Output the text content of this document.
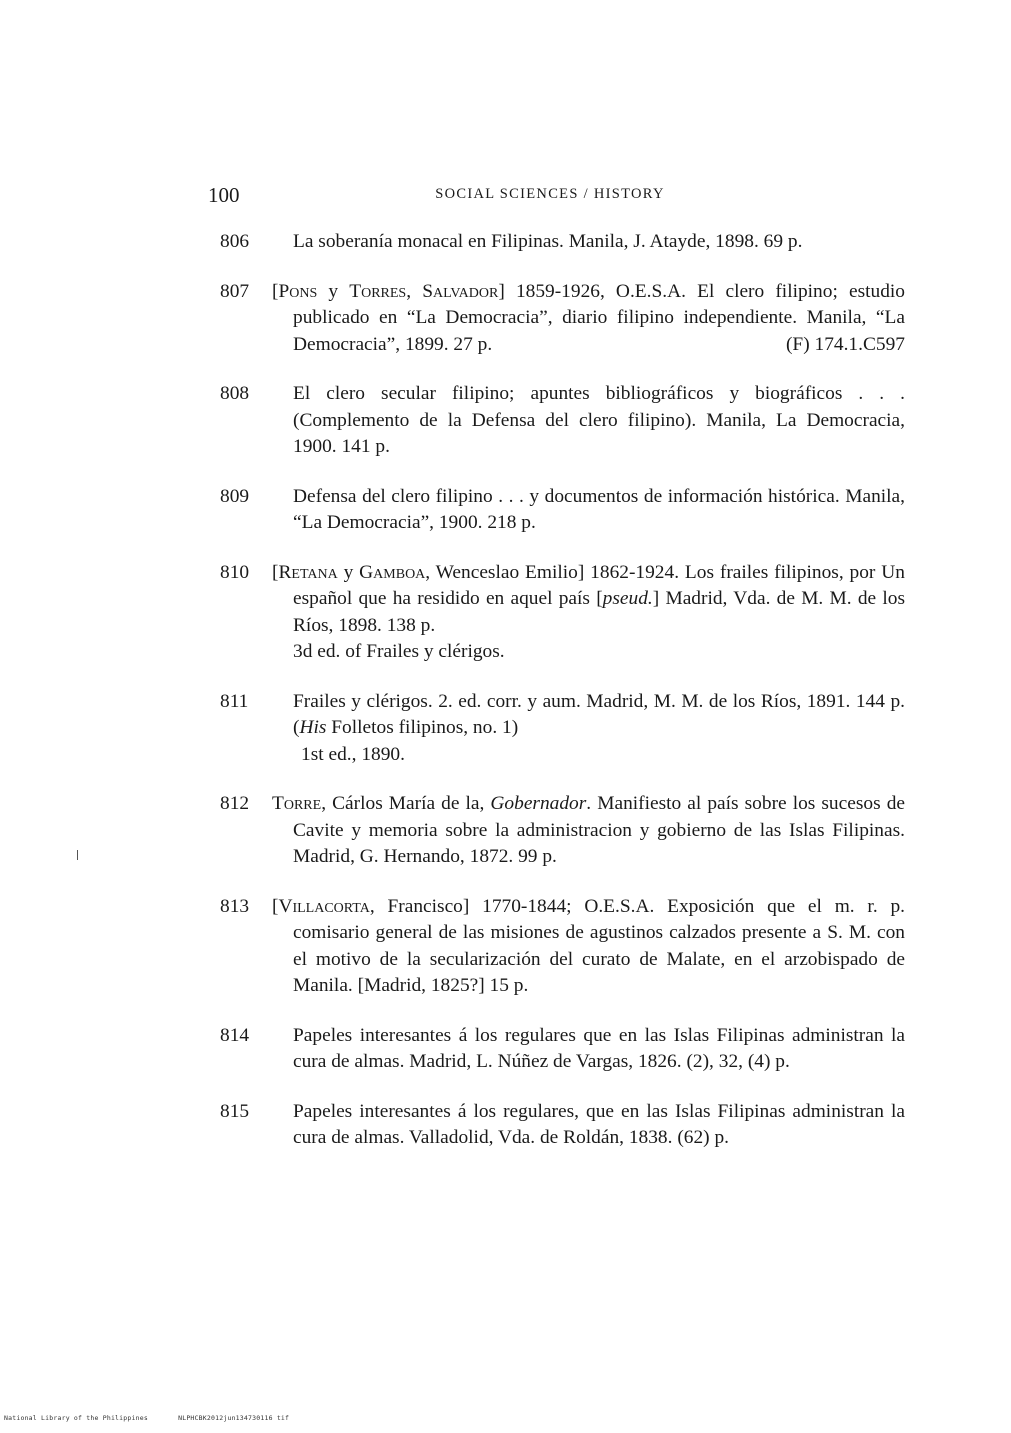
100	SOCIAL SCIENCES / HISTORY
806 La soberanía monacal en Filipinas. Manila, J. Atayde, 1898. 69 p.
807 [Pons y Torres, Salvador] 1859-1926, O.E.S.A. El clero filipino; estudio publicado en “La Democracia”, diario filipino independiente. Manila, “La Democracia”, 1899. 27 p.	(F) 174.1.C597
808 El clero secular filipino; apuntes bibliográficos y biográficos . . . (Complemento de la Defensa del clero filipino). Manila, La Democracia, 1900. 141 p.
809 Defensa del clero filipino . . . y documentos de información histórica. Manila, “La Democracia”, 1900. 218 p.
810 [Retana y Gamboa, Wenceslao Emilio] 1862-1924. Los frailes filipinos, por Un español que ha residido en aquel país [pseud.] Madrid, Vda. de M. M. de los Ríos, 1898. 138 p.
3d ed. of Frailes y clérigos.
811 Frailes y clérigos. 2. ed. corr. y aum. Madrid, M. M. de los Ríos, 1891. 144 p. (His Folletos filipinos, no. 1)
1st ed., 1890.
812 Torre, Cárlos María de la, Gobernador. Manifiesto al país sobre los sucesos de Cavite y memoria sobre la administracion y gobierno de las Islas Filipinas. Madrid, G. Hernando, 1872. 99 p.
813 [Villacorta, Francisco] 1770-1844; O.E.S.A. Exposición que el m. r. p. comisario general de las misiones de agustinos calzados presente a S. M. con el motivo de la secularización del curato de Malate, en el arzobispado de Manila. [Madrid, 1825?] 15 p.
814 Papeles interesantes á los regulares que en las Islas Filipinas administran la cura de almas. Madrid, L. Núñez de Vargas, 1826. (2), 32, (4) p.
815 Papeles interesantes á los regulares, que en las Islas Filipinas administran la cura de almas. Valladolid, Vda. de Roldán, 1838. (62) p.
National Library of the Philippines	NLPHCBK2012jun134730116 tif
